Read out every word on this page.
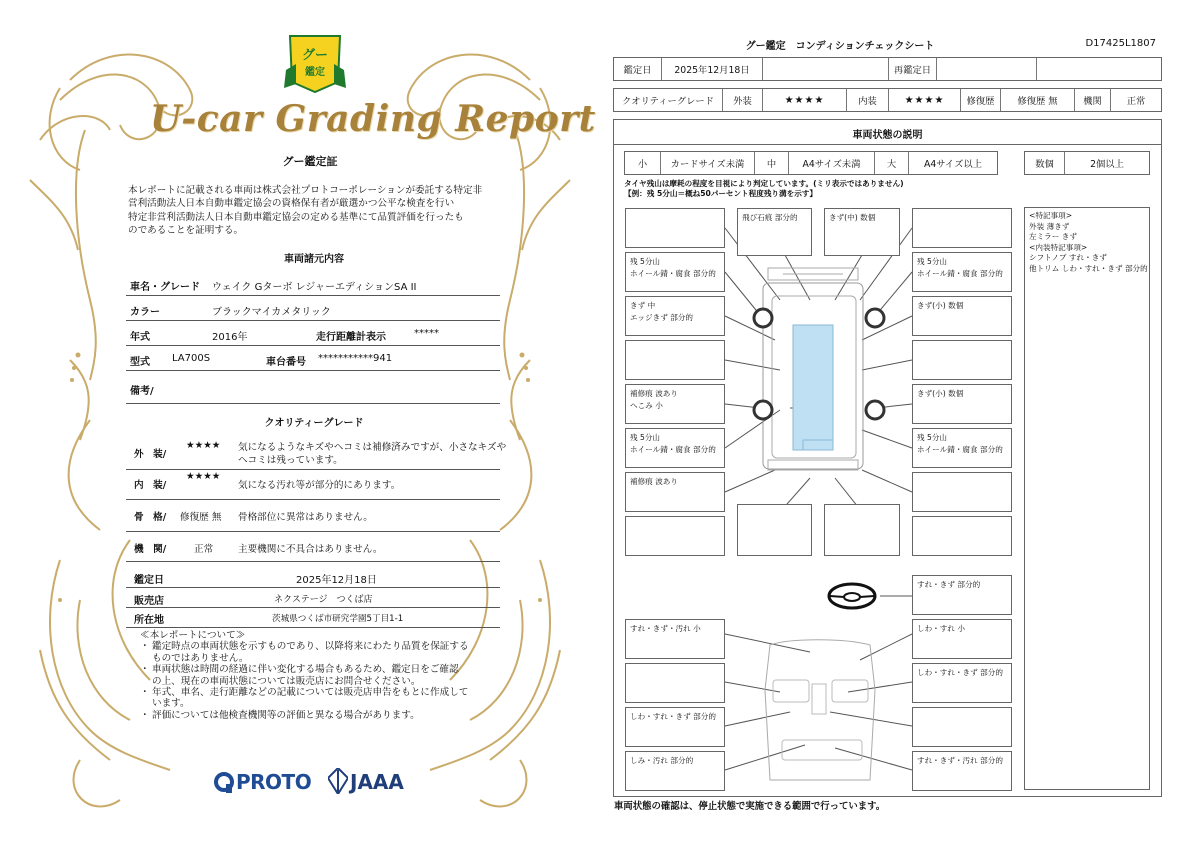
グー
鑑定
U-car Grading Report
グー鑑定証
本レポートに記載される車両は株式会社プロトコーポレーションが委託する特定非
営利活動法人日本自動車鑑定協会の資格保有者が厳選かつ公平な検査を行い
特定非営利活動法人日本自動車鑑定協会の定める基準にて品質評価を行ったも
のであることを証明する。
車両諸元内容
車名・グレード ウェイク Gターボ レジャーエディションSA II
カラー	ブラックマイカメタリック
年式	2016年	走行距離計表示	*****
型式 LA700S	車台番号 ***********941
備考/
クオリティーグレード
外　装/
★★★★ 気になるようなキズやヘコミは補修済みですが、小さなキズや
ヘコミは残っています。
内　装/
★★★★
気になる汚れ等が部分的にあります。
骨　格/ 修復歴 無 骨格部位に異常はありません。
機　関/	正常	主要機関に不具合はありません。
鑑定日	2025年12月18日
販売店	ネクステージ　つくば店
所在地	茨城県つくば市研究学園5丁目1-1
≪本レポートについて≫
・ 鑑定時点の車両状態を示すものであり、以降将来にわたり品質を保証する
ものではありません。
・ 車両状態は時間の経過に伴い変化する場合もあるため、鑑定日をご確認
の上、現在の車両状態については販売店にお問合せください。
・ 年式、車名、走行距離などの記載については販売店申告をもとに作成して
います。
・ 評価については他検査機関等の評価と異なる場合があります。
PROTO JAAA
グー鑑定　コンディションチェックシート	D17425L1807
鑑定日	2025年12月18日	再鑑定日
クオリティーグレード	外装	★★★★	内装	★★★★	修復歴	修復歴 無	機関	正常
車両状態の説明
小	カードサイズ未満	中	A4サイズ未満	大	A4サイズ以上	数個	2個以上
タイヤ残山は摩耗の程度を目視により判定しています。(ミリ表示ではありません)
【例：残 5分山＝概ね50パーセント程度残り溝を示す】
<特記事項>
外装 薄きず
左ミラー きず
<内装特記事項>
シフトノブ すれ・きず
他トリム しわ・すれ・きず 部分的
飛び石痕 部分的	きず(中) 数個
残 5分山
ホイール錆・腐食 部分的
残 5分山
ホイール錆・腐食 部分的
きず 中
エッジきず 部分的
きず(小) 数個
補修痕 波あり
へこみ 小
きず(小) 数個
残 5分山
ホイール錆・腐食 部分的
残 5分山
ホイール錆・腐食 部分的
補修痕 波あり
すれ・きず 部分的
すれ・きず・汚れ 小	しわ・すれ 小
しわ・すれ・きず 部分的
しわ・すれ・きず 部分的
しみ・汚れ 部分的	すれ・きず・汚れ 部分的
車両状態の確認は、停止状態で実施できる範囲で行っています。
